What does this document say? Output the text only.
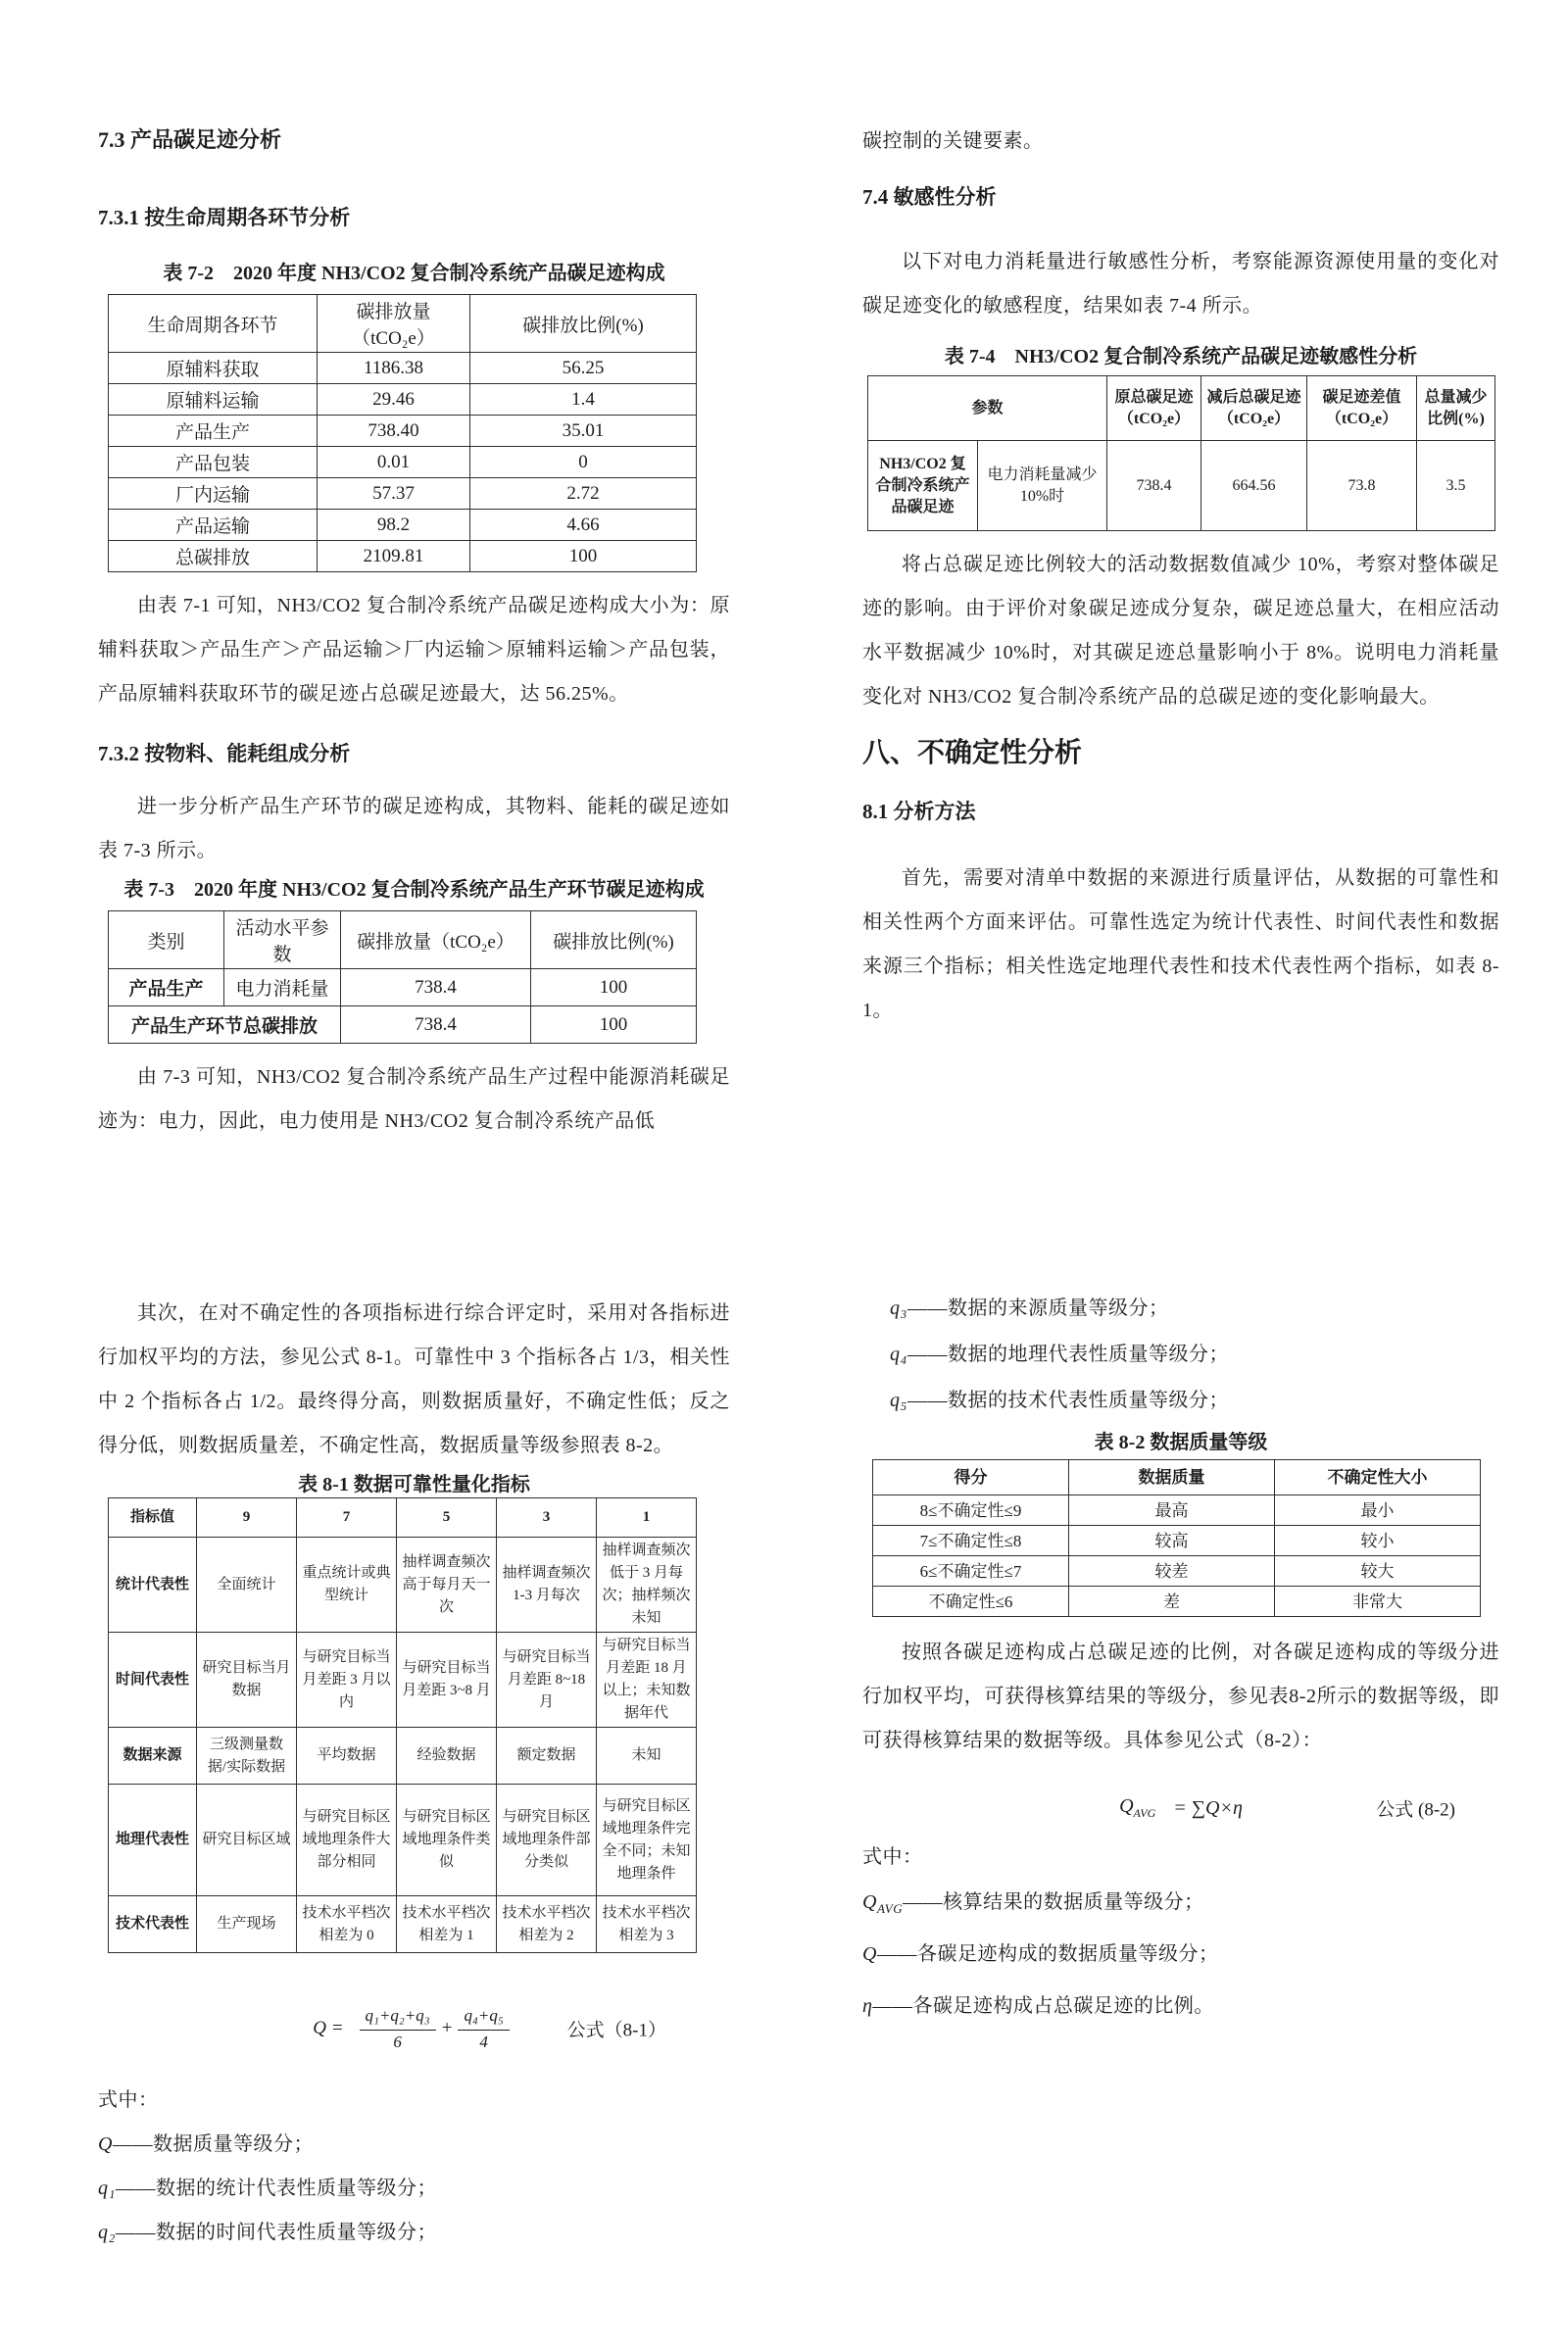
7.3 产品碳足迹分析
7.3.1 按生命周期各环节分析
表 7-2　2020 年度 NH3/CO2 复合制冷系统产品碳足迹构成
生命周期各环节	碳排放量（tCO₂e）	碳排放比例(%)
原辅料获取	1186.38	56.25
原辅料运输	29.46	1.4
产品生产	738.40	35.01
产品包装	0.01	0
厂内运输	57.37	2.72
产品运输	98.2	4.66
总碳排放	2109.81	100

由表 7-1 可知，NH3/CO2 复合制冷系统产品碳足迹构成大小为：原辅料获取＞产品生产＞产品运输＞厂内运输＞原辅料运输＞产品包装，产品原辅料获取环节的碳足迹占总碳足迹最大，达 56.25%。

7.3.2 按物料、能耗组成分析

进一步分析产品生产环节的碳足迹构成，其物料、能耗的碳足迹如表 7-3 所示。

表 7-3　2020 年度 NH3/CO2 复合制冷系统产品生产环节碳足迹构成
类别	活动水平参数	碳排放量（tCO₂e）	碳排放比例(%)
产品生产	电力消耗量	738.4	100
产品生产环节总碳排放		738.4	100

由 7-3 可知，NH3/CO2 复合制冷系统产品生产过程中能源消耗碳足迹为：电力，因此，电力使用是 NH3/CO2 复合制冷系统产品低

碳控制的关键要素。

7.4 敏感性分析

以下对电力消耗量进行敏感性分析，考察能源资源使用量的变化对碳足迹变化的敏感程度，结果如表 7-4 所示。

表 7-4　NH3/CO2 复合制冷系统产品碳足迹敏感性分析
参数		原总碳足迹（tCO₂e）	减后总碳足迹（tCO₂e）	碳足迹差值（tCO₂e）	总量减少比例(%)
NH3/CO2 复合制冷系统产品碳足迹	电力消耗量减少 10%时	738.4	664.56	73.8	3.5

将占总碳足迹比例较大的活动数据数值减少 10%，考察对整体碳足迹的影响。由于评价对象碳足迹成分复杂，碳足迹总量大，在相应活动水平数据减少 10%时，对其碳足迹总量影响小于 8%。说明电力消耗量变化对 NH3/CO2 复合制冷系统产品的总碳足迹的变化影响最大。

八、不确定性分析
8.1 分析方法

首先，需要对清单中数据的来源进行质量评估，从数据的可靠性和相关性两个方面来评估。可靠性选定为统计代表性、时间代表性和数据来源三个指标；相关性选定地理代表性和技术代表性两个指标，如表 8-1。

其次，在对不确定性的各项指标进行综合评定时，采用对各指标进行加权平均的方法，参见公式 8-1。可靠性中 3 个指标各占 1/3，相关性中 2 个指标各占 1/2。最终得分高，则数据质量好，不确定性低；反之得分低，则数据质量差，不确定性高，数据质量等级参照表 8-2。

表 8-1 数据可靠性量化指标
指标值	9	7	5	3	1
统计代表性	全面统计	重点统计或典型统计	抽样调查频次高于每月天一次	抽样调查频次 1-3 月每次	抽样调查频次低于 3 月每次；抽样频次未知
时间代表性	研究目标当月数据	与研究目标当月差距 3 月以内	与研究目标当月差距 3~8 月	与研究目标当月差距 8~18 月	与研究目标当月差距 18 月以上；未知数据年代
数据来源	三级测量数据/实际数据	平均数据	经验数据	额定数据	未知
地理代表性	研究目标区域	与研究目标区域地理条件大部分相同	与研究目标区域地理条件类似	与研究目标区域地理条件部分类似	与研究目标区域地理条件完全不同；未知地理条件
技术代表性	生产现场	技术水平档次相差为 0	技术水平档次相差为 1	技术水平档次相差为 2	技术水平档次相差为 3
$Q = \frac{\text{q₁+q₂+q₃}}{6} + \frac{\text{q₄+q₅}}{4}$	公式（8-1）

式中：

Q——数据质量等级分；

q₁——数据的统计代表性质量等级分；

q₂——数据的时间代表性质量等级分；

q₃——数据的来源质量等级分；

q₄——数据的地理代表性质量等级分；

q₅——数据的技术代表性质量等级分；

表 8-2 数据质量等级
得分	数据质量	不确定性大小
8≤不确定性≤9	最高	最小
7≤不确定性≤8	较高	较小
6≤不确定性≤7	较差	较大
不确定性≤6	差	非常大

按照各碳足迹构成占总碳足迹的比例，对各碳足迹构成的等级分进行加权平均，可获得核算结果的等级分，参见表8-2所示的数据等级，即可获得核算结果的数据等级。具体参见公式（8-2）：

$Q_{AVG} = \sum Q\times\eta$	公式 (8-2)

式中：

$Q_{AVG}——$核算结果的数据质量等级分；

Q——各碳足迹构成的数据质量等级分；

η——各碳足迹构成占总碳足迹的比例。
